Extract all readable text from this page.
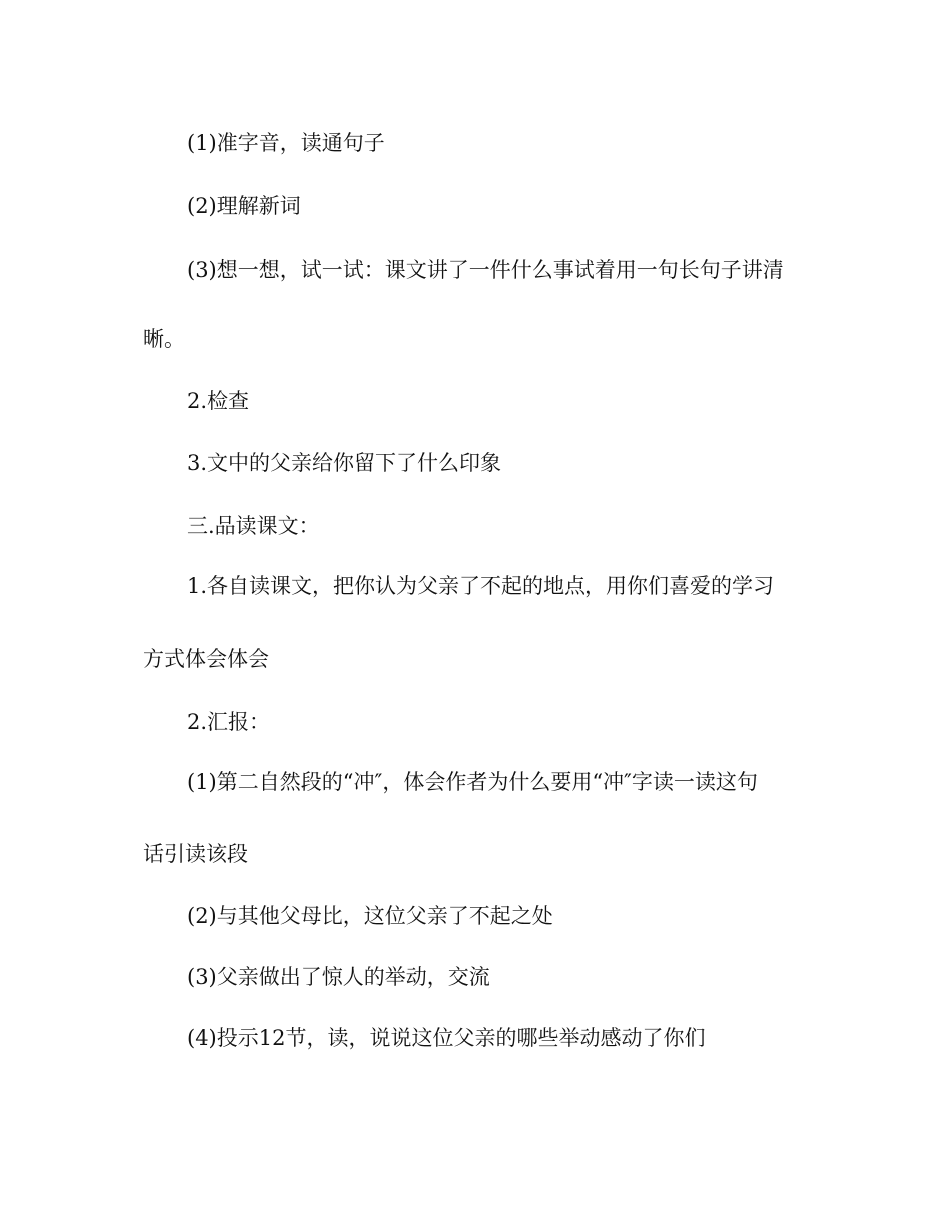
(1)准字音，读通句子

(2)理解新词

(3)想一想，试一试：课文讲了一件什么事试着用一句长句子讲清

晰。

2.检查

3.文中的父亲给你留下了什么印象

三.品读课文：

1.各自读课文，把你认为父亲了不起的地点，用你们喜爱的学习

方式体会体会

2.汇报：

(1)第二自然段的“冲″，体会作者为什么要用“冲″字读一读这句

话引读该段

(2)与其他父母比，这位父亲了不起之处

(3)父亲做出了惊人的举动，交流

(4)投示12节，读，说说这位父亲的哪些举动感动了你们
